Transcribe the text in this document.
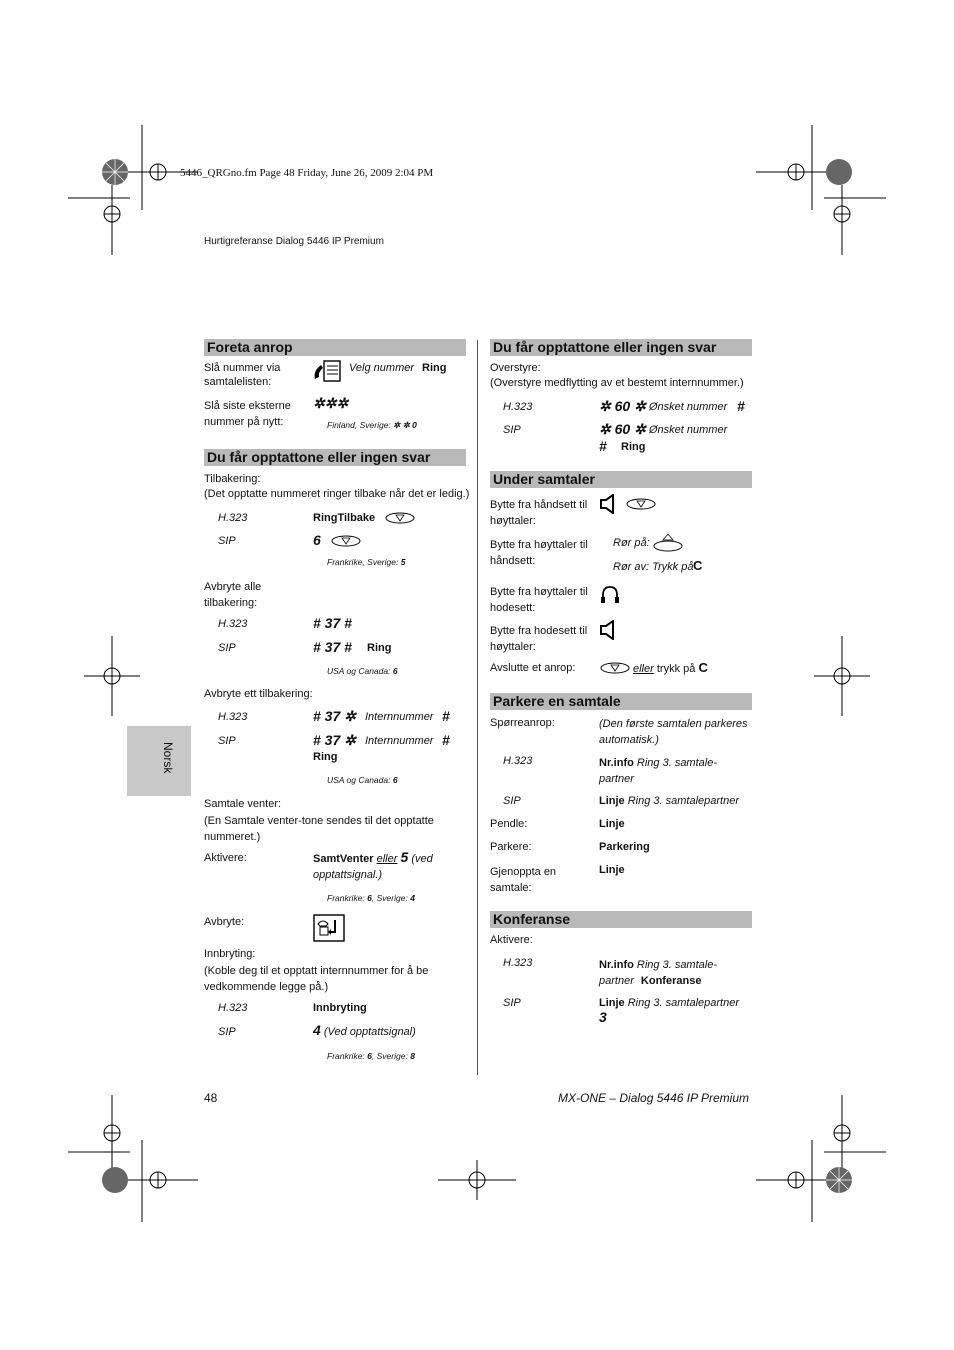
5446_QRGno.fm Page 48 Friday, June 26, 2009 2:04 PM
Hurtigreferanse Dialog 5446 IP Premium
Norsk
Foreta anrop
Slå nummer via samtalelisten:
Velg nummer Ring
Slå siste eksterne nummer på nytt:
✲✲✲
Finland, Sverige: ✲ ✲ 0
Du får opptattone eller ingen svar
Tilbakering:
(Det opptatte nummeret ringer tilbake når det er ledig.)
H.323	RingTilbake
SIP	6
Frankrike, Sverige: 5
Avbryte alle tilbakering:
H.323	# 37 #
SIP	# 37 # Ring
USA og Canada: 6
Avbryte ett tilbakering:
H.323	# 37 ✲ Internnummer #
SIP	# 37 ✲ Internnummer #
Ring
USA og Canada: 6
Samtale venter:
(En Samtale venter-tone sendes til det opptatte nummeret.)
Aktivere:	SamtVenter eller 5 (ved opptattsignal.)
Frankrike: 6, Sverige: 4
Avbryte:
Innbryting:
(Koble deg til et opptatt internnummer for å be vedkommende legge på.)
H.323	Innbryting
SIP	4 (Ved opptattsignal)
Frankrike: 6, Sverige: 8
Du får opptattone eller ingen svar
Overstyre:
(Overstyre medflytting av et bestemt internnummer.)
H.323	✲ 60 ✲ Ønsket nummer #
SIP	✲ 60 ✲ Ønsket nummer
# Ring
Under samtaler
Bytte fra håndsett til høyttaler:
Bytte fra høyttaler til håndsett:
Rør på:
Rør av: Trykk på C
Bytte fra høyttaler til hodesett:
Bytte fra hodesett til høyttaler:
Avslutte et anrop:	eller trykk på C
Parkere en samtale
Spørreanrop:	(Den første samtalen parkeres automatisk.)
H.323	Nr.info Ring 3. samtale-
partner
SIP	Linje Ring 3. samtalepartner
Pendle:	Linje
Parkere:	Parkering
Gjenoppta en samtale:
Linje
Konferanse
Aktivere:
H.323	Nr.info Ring 3. samtale-
partner Konferanse
SIP	Linje Ring 3. samtalepartner
3
48	MX-ONE – Dialog 5446 IP Premium
